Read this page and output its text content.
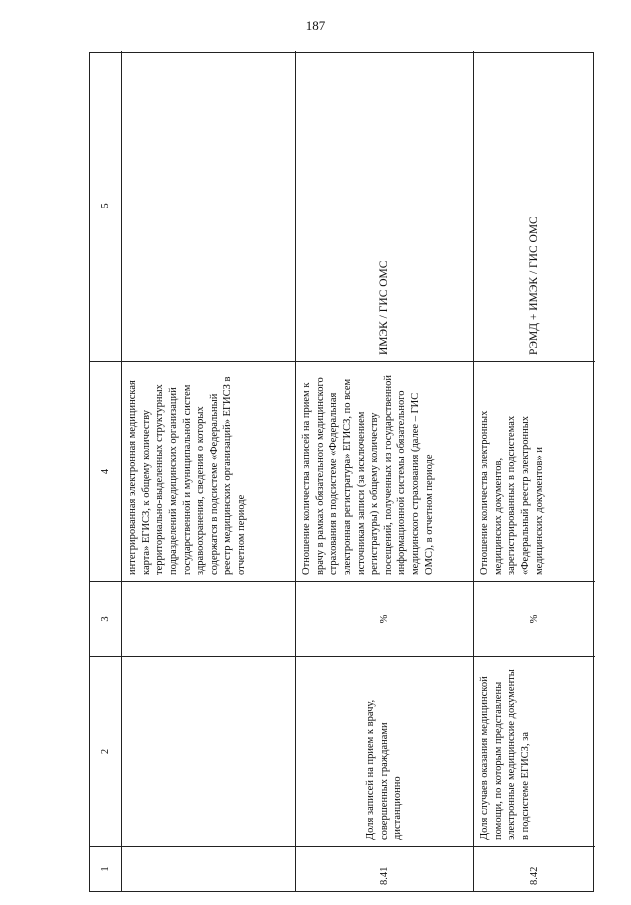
187
1
2
3
4
5
интегрированная электронная медицинская карта» ЕГИСЗ, к общему количеству территориально-выделенных структурных подразделений медицинских организаций государственной и муниципальной систем здравоохранения, сведения о которых содержатся в подсистеме «Федеральный реестр медицинских организаций» ЕГИСЗ в отчетном периоде
8.41
Доля записей на прием к врачу, совершенных гражданами дистанционно
%
Отношение количества записей на прием к врачу в рамках обязательного медицинского страхования в подсистеме «Федеральная электронная регистратура» ЕГИСЗ, по всем источникам записи (за исключением регистратуры) к общему количеству посещений, полученных из государственной информационной системы обязательного медицинского страхования (далее – ГИС ОМС), в отчетном периоде
ИМЭК / ГИС ОМС
8.42
Доля случаев оказания медицинской помощи, по которым представлены электронные медицинские документы в подсистеме ЕГИСЗ, за
%
Отношение количества электронных медицинских документов, зарегистрированных в подсистемах «Федеральный реестр электронных медицинских документов» и
РЭМД + ИМЭК / ГИС ОМС
